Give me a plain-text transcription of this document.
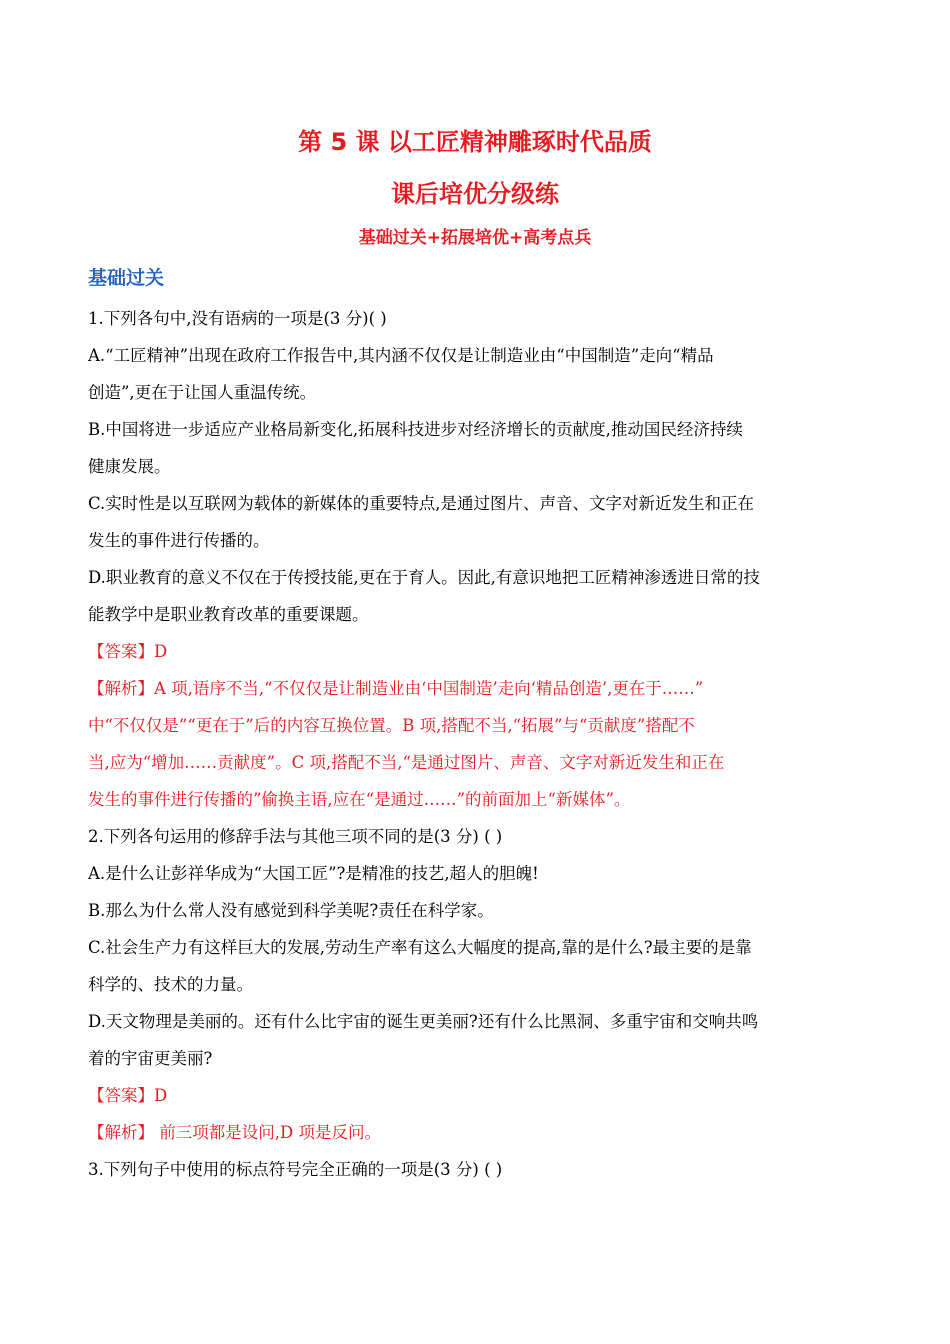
第 5 课 以工匠精神雕琢时代品质
课后培优分级练
基础过关+拓展培优+高考点兵
基础过关
1.下列各句中,没有语病的一项是(3 分)( )
A.“工匠精神”出现在政府工作报告中,其内涵不仅仅是让制造业由“中国制造”走向“精品
创造”,更在于让国人重温传统。
B.中国将进一步适应产业格局新变化,拓展科技进步对经济增长的贡献度,推动国民经济持续
健康发展。
C.实时性是以互联网为载体的新媒体的重要特点,是通过图片、声音、文字对新近发生和正在
发生的事件进行传播的。
D.职业教育的意义不仅在于传授技能,更在于育人。因此,有意识地把工匠精神渗透进日常的技
能教学中是职业教育改革的重要课题。
【答案】D
【解析】A 项,语序不当,“不仅仅是让制造业由‘中国制造’走向‘精品创造’,更在于……”
中“不仅仅是”“更在于”后的内容互换位置。B 项,搭配不当,“拓展”与“贡献度”搭配不
当,应为“增加……贡献度”。C 项,搭配不当,“是通过图片、声音、文字对新近发生和正在
发生的事件进行传播的”偷换主语,应在“是通过……”的前面加上“新媒体”。
2.下列各句运用的修辞手法与其他三项不同的是(3 分) ( )
A.是什么让彭祥华成为“大国工匠”?是精准的技艺,超人的胆魄!
B.那么为什么常人没有感觉到科学美呢?责任在科学家。
C.社会生产力有这样巨大的发展,劳动生产率有这么大幅度的提高,靠的是什么?最主要的是靠
科学的、技术的力量。
D.天文物理是美丽的。还有什么比宇宙的诞生更美丽?还有什么比黑洞、多重宇宙和交响共鸣
着的宇宙更美丽?
【答案】D
【解析】 前三项都是设问,D 项是反问。
3.下列句子中使用的标点符号完全正确的一项是(3 分) ( )
